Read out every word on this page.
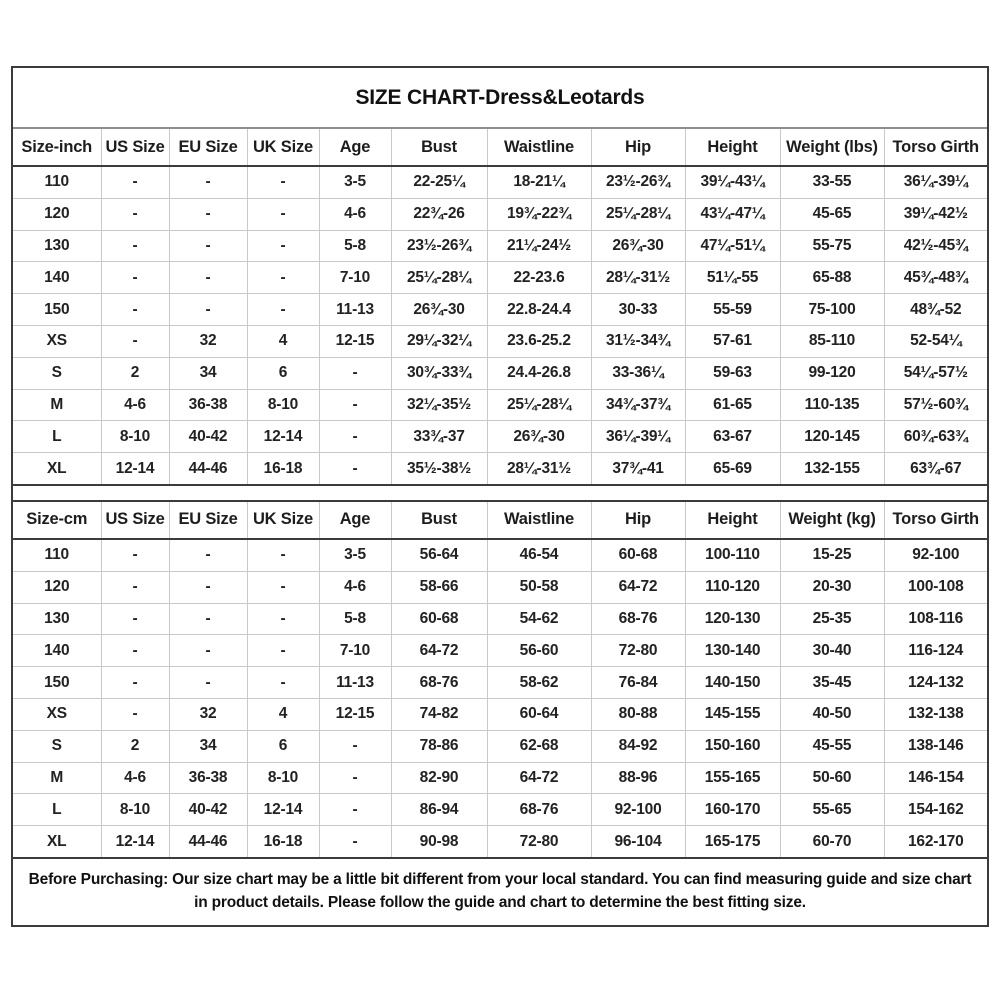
SIZE CHART-Dress&Leotards
Size-inch	US Size	EU Size	UK Size	Age	Bust	Waistline	Hip	Height	Weight (lbs)	Torso Girth
110	-	-	-	3-5	22-25¼	18-21¼	23½-26¾	39¼-43¼	33-55	36¼-39¼
120	-	-	-	4-6	22¾-26	19¾-22¾	25¼-28¼	43¼-47¼	45-65	39¼-42½
130	-	-	-	5-8	23½-26¾	21¼-24½	26¾-30	47¼-51¼	55-75	42½-45¾
140	-	-	-	7-10	25¼-28¼	22-23.6	28¼-31½	51¼-55	65-88	45¾-48¾
150	-	-	-	11-13	26¾-30	22.8-24.4	30-33	55-59	75-100	48¾-52
XS	-	32	4	12-15	29¼-32¼	23.6-25.2	31½-34¾	57-61	85-110	52-54¼
S	2	34	6	-	30¾-33¾	24.4-26.8	33-36¼	59-63	99-120	54¼-57½
M	4-6	36-38	8-10	-	32¼-35½	25¼-28¼	34¾-37¾	61-65	110-135	57½-60¾
L	8-10	40-42	12-14	-	33¾-37	26¾-30	36¼-39¼	63-67	120-145	60¾-63¾
XL	12-14	44-46	16-18	-	35½-38½	28¼-31½	37¾-41	65-69	132-155	63¾-67
Size-cm	US Size	EU Size	UK Size	Age	Bust	Waistline	Hip	Height	Weight (kg)	Torso Girth
110	-	-	-	3-5	56-64	46-54	60-68	100-110	15-25	92-100
120	-	-	-	4-6	58-66	50-58	64-72	110-120	20-30	100-108
130	-	-	-	5-8	60-68	54-62	68-76	120-130	25-35	108-116
140	-	-	-	7-10	64-72	56-60	72-80	130-140	30-40	116-124
150	-	-	-	11-13	68-76	58-62	76-84	140-150	35-45	124-132
XS	-	32	4	12-15	74-82	60-64	80-88	145-155	40-50	132-138
S	2	34	6	-	78-86	62-68	84-92	150-160	45-55	138-146
M	4-6	36-38	8-10	-	82-90	64-72	88-96	155-165	50-60	146-154
L	8-10	40-42	12-14	-	86-94	68-76	92-100	160-170	55-65	154-162
XL	12-14	44-46	16-18	-	90-98	72-80	96-104	165-175	60-70	162-170

Before Purchasing: Our size chart may be a little bit different from your local standard. You can find measuring guide and size chart in product details. Please follow the guide and chart to determine the best fitting size.
